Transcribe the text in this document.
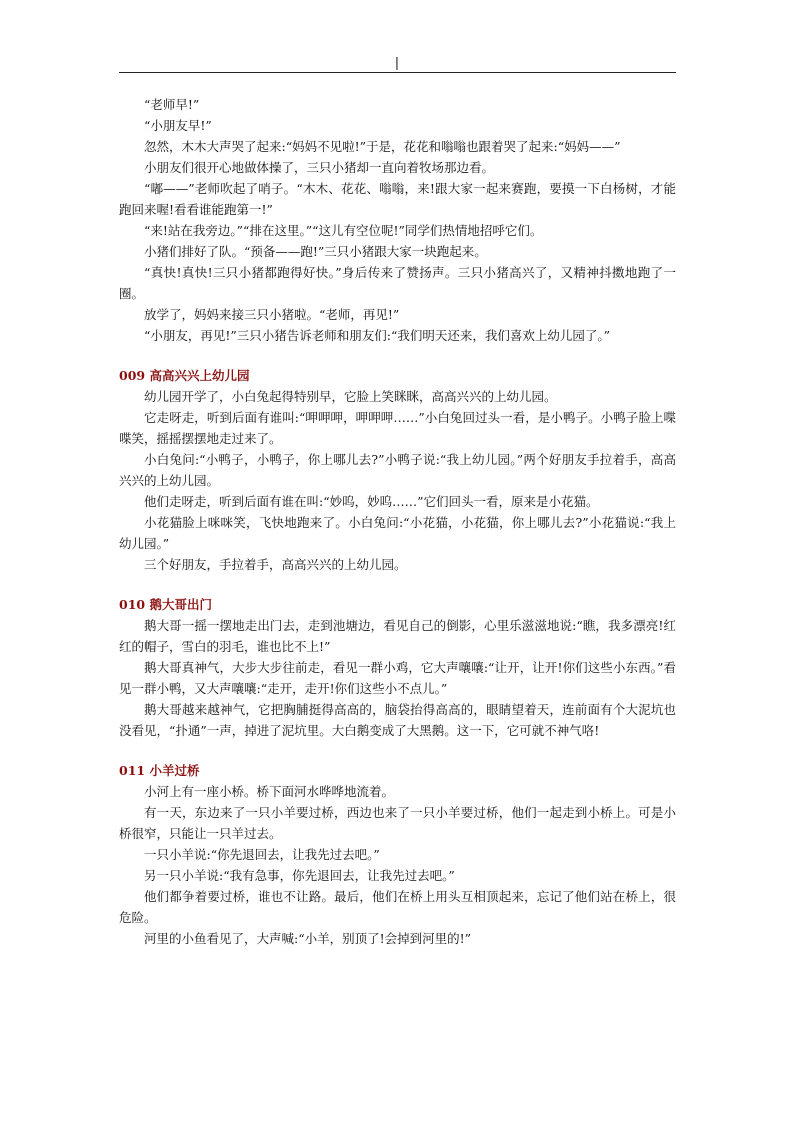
|

“老师早!”

“小朋友早!”

忽然，木木大声哭了起来:“妈妈不见啦!”于是，花花和嗡嗡也跟着哭了起来:“妈妈——”

小朋友们很开心地做体操了，三只小猪却一直向着牧场那边看。

“嘟——”老师吹起了哨子。“木木、花花、嗡嗡，来!跟大家一起来赛跑，要摸一下白杨树，才能跑回来喔!看看谁能跑第一!”

“来!站在我旁边。”“排在这里。”“这儿有空位呢!”同学们热情地招呼它们。

小猪们排好了队。“预备——跑!”三只小猪跟大家一块跑起来。

“真快!真快!三只小猪都跑得好快。”身后传来了赞扬声。三只小猪高兴了，又精神抖擞地跑了一圈。

放学了，妈妈来接三只小猪啦。“老师，再见!”

“小朋友，再见!”三只小猪告诉老师和朋友们:“我们明天还来，我们喜欢上幼儿园了。”

009 高高兴兴上幼儿园

幼儿园开学了，小白兔起得特别早，它脸上笑眯眯，高高兴兴的上幼儿园。

它走呀走，听到后面有谁叫:“呷呷呷，呷呷呷……”小白兔回过头一看，是小鸭子。小鸭子脸上喋喋笑，摇摇摆摆地走过来了。

小白兔问:“小鸭子，小鸭子，你上哪儿去?”小鸭子说:“我上幼儿园。”两个好朋友手拉着手，高高兴兴的上幼儿园。

他们走呀走，听到后面有谁在叫:“妙呜，妙呜……”它们回头一看，原来是小花猫。

小花猫脸上咪咪笑，飞快地跑来了。小白兔问:“小花猫，小花猫，你上哪儿去?”小花猫说:“我上幼儿园。”

三个好朋友，手拉着手，高高兴兴的上幼儿园。

010 鹅大哥出门

鹅大哥一摇一摆地走出门去，走到池塘边，看见自己的倒影，心里乐滋滋地说:“瞧，我多漂亮!红红的帽子，雪白的羽毛，谁也比不上!”

鹅大哥真神气，大步大步往前走，看见一群小鸡，它大声嚷嚷:“让开，让开!你们这些小东西。”看见一群小鸭，又大声嚷嚷:“走开，走开!你们这些小不点儿。”

鹅大哥越来越神气，它把胸脯挺得高高的，脑袋抬得高高的，眼睛望着天，连前面有个大泥坑也没看见，“扑通”一声，掉进了泥坑里。大白鹅变成了大黑鹅。这一下，它可就不神气咯!

011 小羊过桥

小河上有一座小桥。桥下面河水哗哗地流着。

有一天，东边来了一只小羊要过桥，西边也来了一只小羊要过桥，他们一起走到小桥上。可是小桥很窄，只能让一只羊过去。

一只小羊说:“你先退回去，让我先过去吧。”

另一只小羊说:“我有急事，你先退回去，让我先过去吧。”

他们都争着要过桥，谁也不让路。最后，他们在桥上用头互相顶起来，忘记了他们站在桥上，很危险。

河里的小鱼看见了，大声喊:“小羊，别顶了!会掉到河里的!”
